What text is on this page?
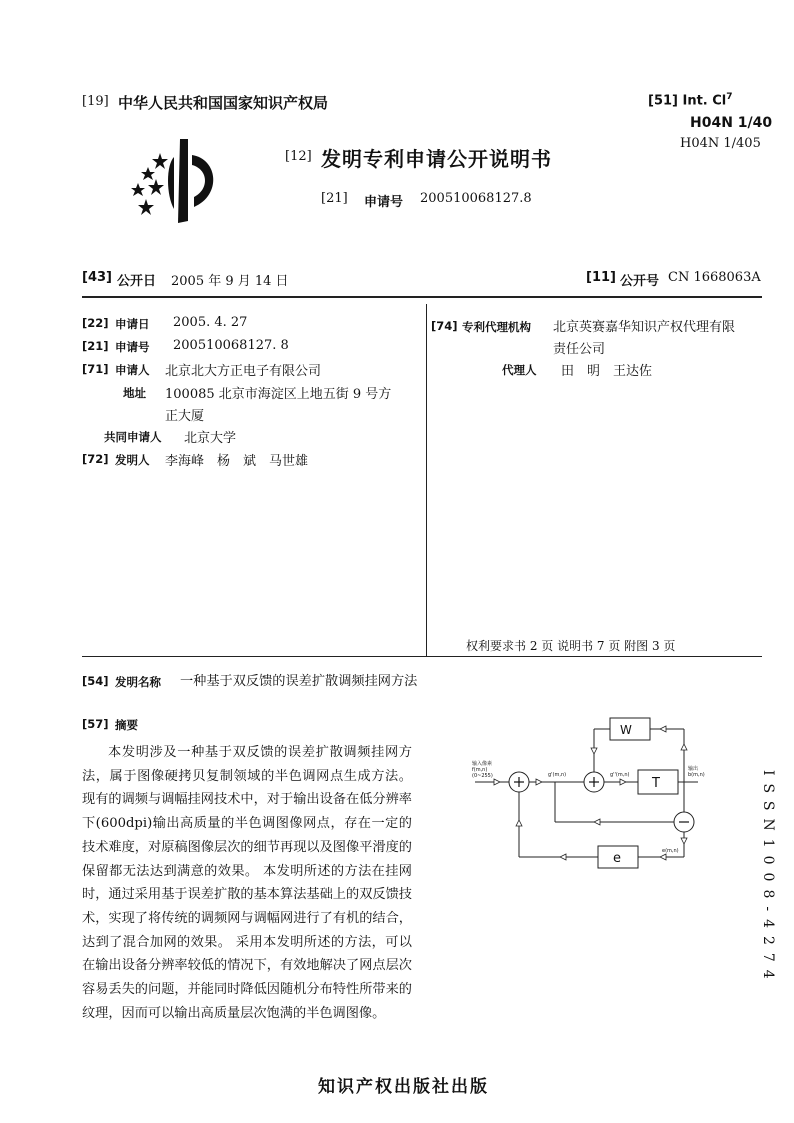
[19] 中华人民共和国国家知识产权局	[51] Int. Cl$^7$
H04N 1/40
H04N 1/405
[12] 发明专利申请公开说明书
[21] 申请号 200510068127.8
[43] 公开日 2005 年 9 月 14 日	[11] 公开号 CN 1668063A
[22] 申请日 2005. 4. 27
[21] 申请号 200510068127. 8
[71] 申请人 北京北大方正电子有限公司
地址 100085 北京市海淀区上地五街 9 号方
正大厦
共同申请人 北京大学
[72] 发明人 李海峰　杨　斌　马世雄
[74] 专利代理机构 北京英赛嘉华知识产权代理有限
责任公司
代理人 田　明　王达佐
权利要求书 2 页 说明书 7 页 附图 3 页
[54] 发明名称 一种基于双反馈的误差扩散调频挂网方法
[57] 摘要
本发明涉及一种基于双反馈的误差扩散调频挂网方法，属于图像硬拷贝复制领域的半色调网点生成方法。 现有的调频与调幅挂网技术中，对于输出设备在低分辨率下(600dpi)输出高质量的半色调图像网点，存在一定的技术难度，对原稿图像层次的细节再现以及图像平滑度的保留都无法达到满意的效果。 本发明所述的方法在挂网时，通过采用基于误差扩散的基本算法基础上的双反馈技术，实现了将传统的调频网与调幅网进行了有机的结合，达到了混合加网的效果。 采用本发明所述的方法，可以在输出设备分辨率较低的情况下，有效地解决了网点层次容易丢失的问题，并能同时降低因随机分布特性所带来的纹理，因而可以输出高质量层次饱满的半色调图像。
W
T
e
输入像素
f(m,n)
(0~255)	g'(m,n)	g''(m,n)
输出
b(m,n)
e(m,n)	ISSN1008-4274
知识产权出版社出版
